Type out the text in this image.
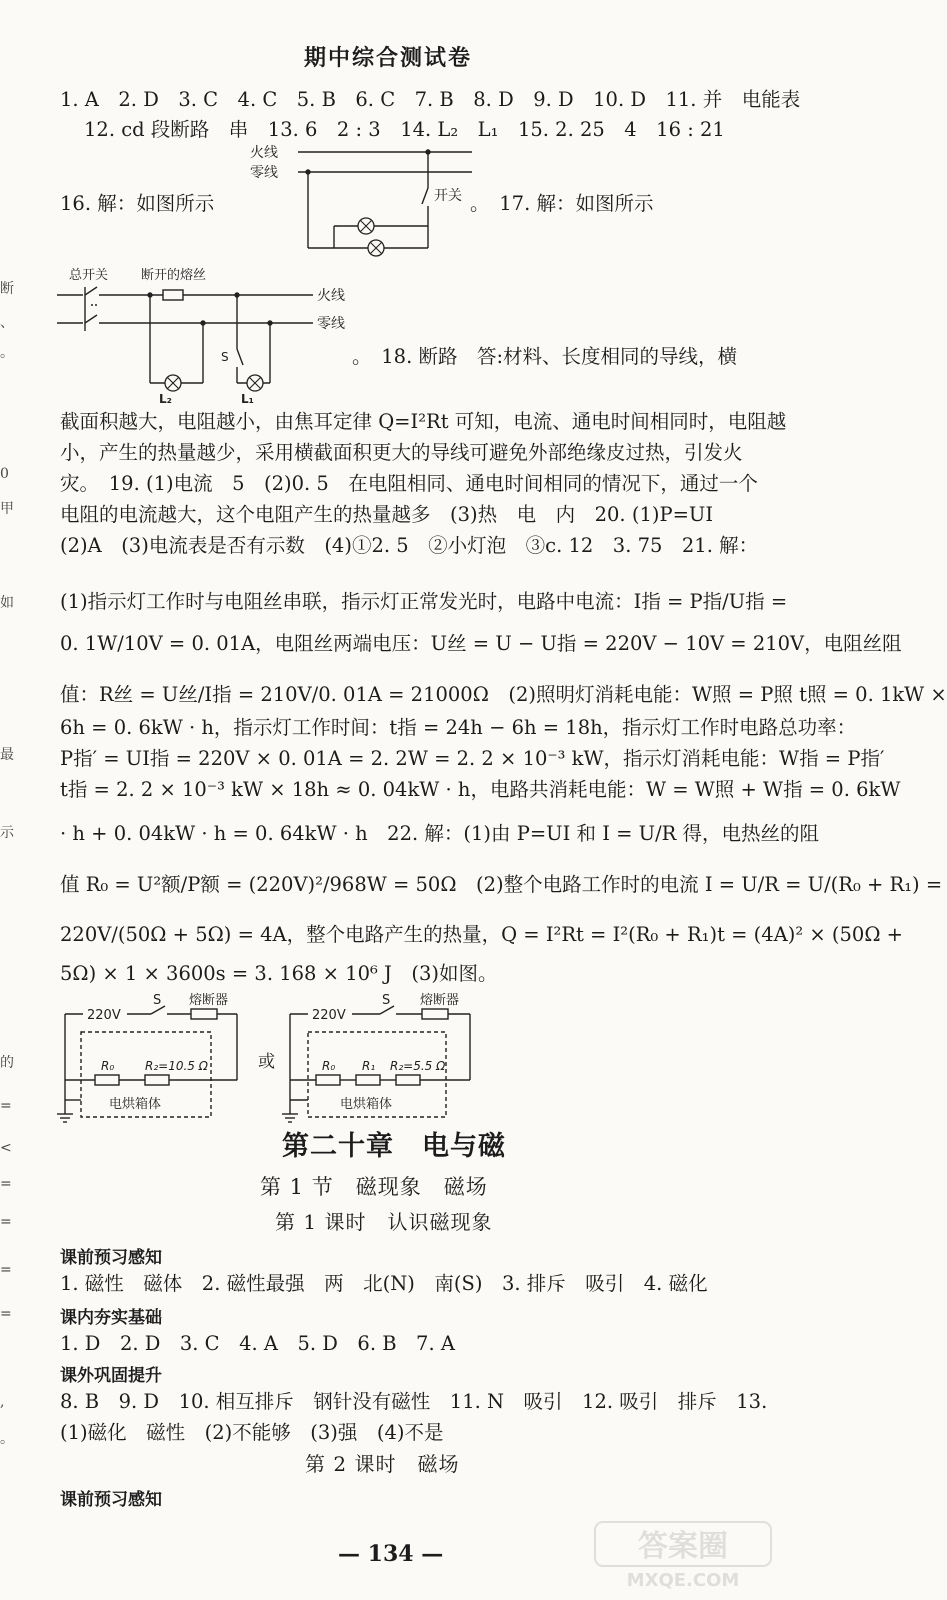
断
、
。
0
甲
如
最
示
的
=
<
=
=
=
=
,
。
期中综合测试卷
1. A　2. D　3. C　4. C　5. B　6. C　7. B　8. D　9. D　10. D　11. 并　电能表
12. cd 段断路　串　13. 6　2 : 3　14. L₂　L₁　15. 2. 25　4　16 : 21
16. 解：如图所示	。　17. 解：如图所示
。　18. 断路　答:材料、长度相同的导线，横
截面积越大，电阻越小，由焦耳定律 Q=I²Rt 可知，电流、通电时间相同时，电阻越
小，产生的热量越少，采用横截面积更大的导线可避免外部绝缘皮过热，引发火
灾。　19. (1)电流　5　(2)0. 5　在电阻相同、通电时间相同的情况下，通过一个
电阻的电流越大，这个电阻产生的热量越多　(3)热　电　内　20. (1)P=UI
(2)A　(3)电流表是否有示数　(4)①2. 5　②小灯泡　③c. 12　3. 75　21. 解：
(1)指示灯工作时与电阻丝串联，指示灯正常发光时，电路中电流：I指 = P指/U指 =
0. 1W/10V = 0. 01A，电阻丝两端电压：U丝 = U − U指 = 220V − 10V = 210V，电阻丝阻
值：R丝 = U丝/I指 = 210V/0. 01A = 21000Ω　(2)照明灯消耗电能：W照 = P照 t照 = 0. 1kW ×
6h = 0. 6kW · h，指示灯工作时间：t指 = 24h − 6h = 18h，指示灯工作时电路总功率：
P指′ = UI指 = 220V × 0. 01A = 2. 2W = 2. 2 × 10⁻³ kW，指示灯消耗电能：W指 = P指′
t指 = 2. 2 × 10⁻³ kW × 18h ≈ 0. 04kW · h，电路共消耗电能：W = W照 + W指 = 0. 6kW
· h + 0. 04kW · h = 0. 64kW · h　22. 解：(1)由 P=UI 和 I = U/R 得，电热丝的阻
值 R₀ = U²额/P额 = (220V)²/968W = 50Ω　(2)整个电路工作时的电流 I = U/R = U/(R₀ + R₁) =
220V/(50Ω + 5Ω) = 4A，整个电路产生的热量，Q = I²Rt = I²(R₀ + R₁)t = (4A)² × (50Ω +
5Ω) × 1 × 3600s = 3. 168 × 10⁶ J　(3)如图。
火线
零线
开关
总开关	断开的熔丝
火线
零线
S
L₂	L₁
220V
S 熔断器
R₀	R₂=10.5 Ω
电烘箱体
或
220V
S 熔断器
R₀ R₁ R₂=5.5 Ω
电烘箱体
第二十章　电与磁
第 1 节　磁现象　磁场
第 1 课时　认识磁现象
课前预习感知
1. 磁性　磁体　2. 磁性最强　两　北(N)　南(S)　3. 排斥　吸引　4. 磁化
课内夯实基础
1. D　2. D　3. C　4. A　5. D　6. B　7. A
课外巩固提升
8. B　9. D　10. 相互排斥　钢针没有磁性　11. N　吸引　12. 吸引　排斥　13.
(1)磁化　磁性　(2)不能够　(3)强　(4)不是
第 2 课时　磁场
课前预习感知
— 134 —	答案圈
MXQE.COM
